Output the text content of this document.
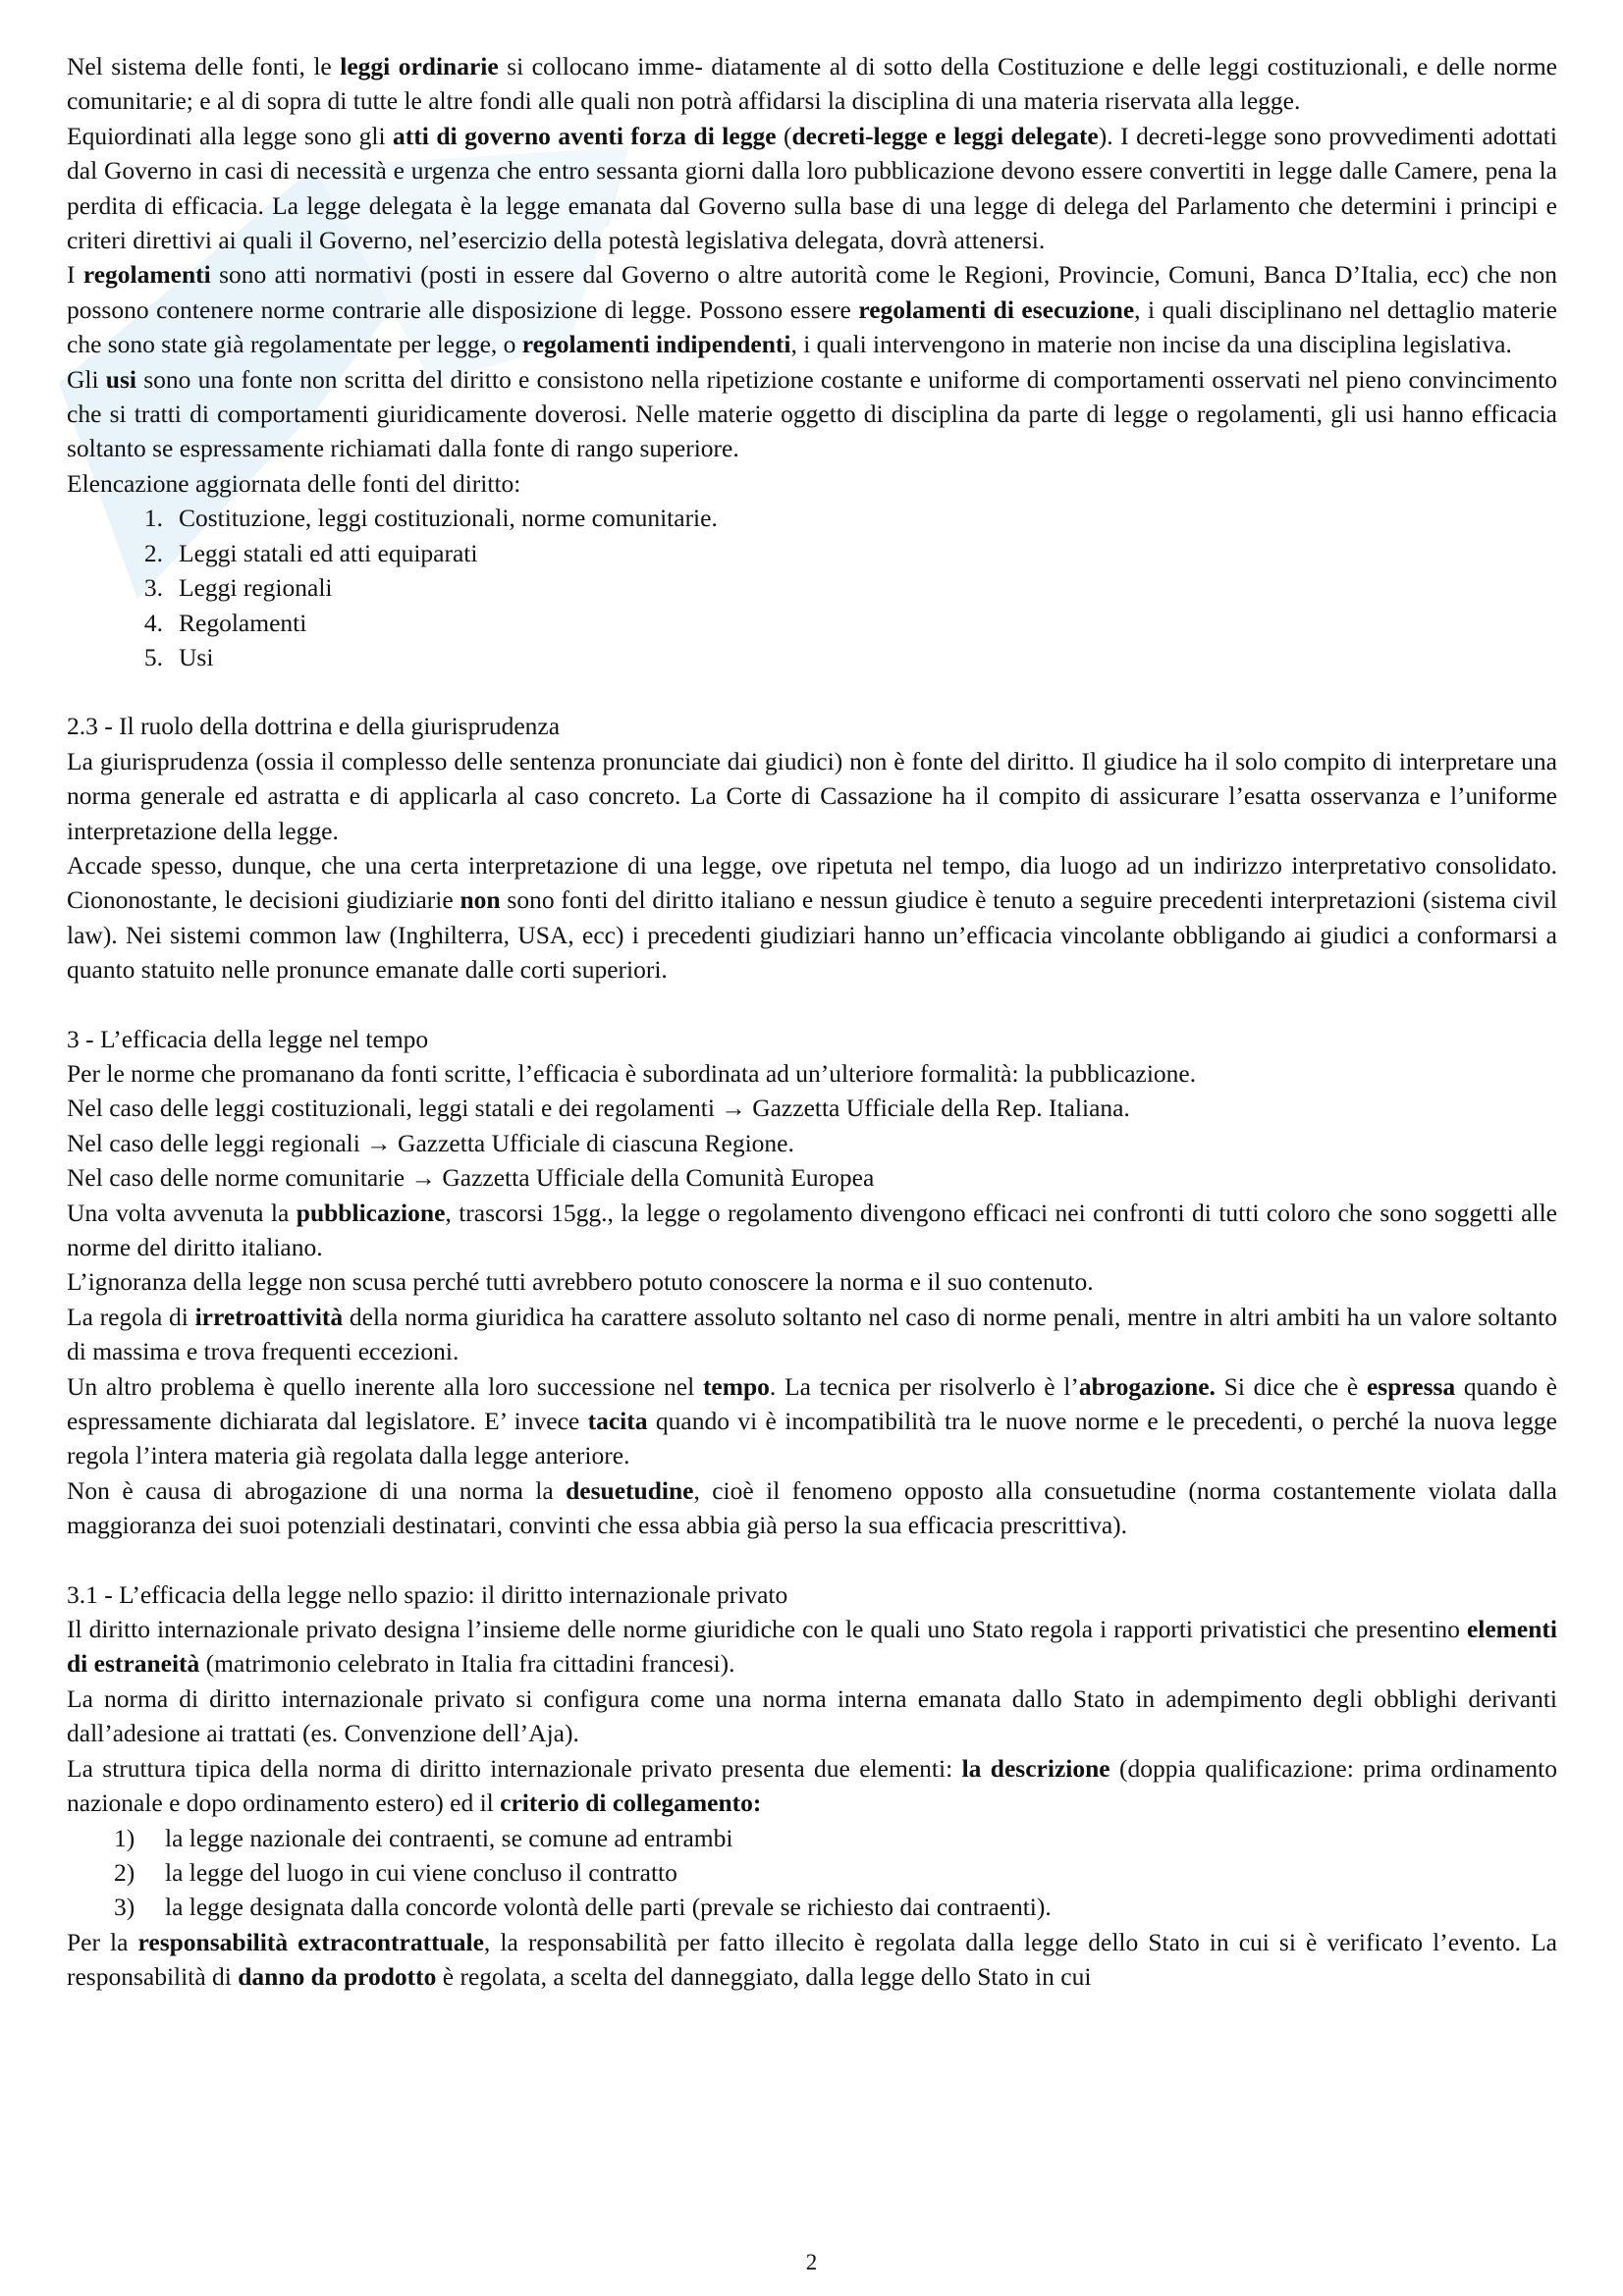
Nel sistema delle fonti, le leggi ordinarie si collocano imme- diatamente al di sotto della Costituzione e delle leggi costituzionali, e delle norme comunitarie; e al di sopra di tutte le altre fondi alle quali non potrà affidarsi la disciplina di una materia riservata alla legge.

Equiordinati alla legge sono gli atti di governo aventi forza di legge (decreti-legge e leggi delegate). I decreti-legge sono provvedimenti adottati dal Governo in casi di necessità e urgenza che entro sessanta giorni dalla loro pubblicazione devono essere convertiti in legge dalle Camere, pena la perdita di efficacia. La legge delegata è la legge emanata dal Governo sulla base di una legge di delega del Parlamento che determini i principi e criteri direttivi ai quali il Governo, nel’esercizio della potestà legislativa delegata, dovrà attenersi.

I regolamenti sono atti normativi (posti in essere dal Governo o altre autorità come le Regioni, Provincie, Comuni, Banca D’Italia, ecc) che non possono contenere norme contrarie alle disposizione di legge. Possono essere regolamenti di esecuzione, i quali disciplinano nel dettaglio materie che sono state già regolamentate per legge, o regolamenti indipendenti, i quali intervengono in materie non incise da una disciplina legislativa.

Gli usi sono una fonte non scritta del diritto e consistono nella ripetizione costante e uniforme di comportamenti osservati nel pieno convincimento che si tratti di comportamenti giuridicamente doverosi. Nelle materie oggetto di disciplina da parte di legge o regolamenti, gli usi hanno efficacia soltanto se espressamente richiamati dalla fonte di rango superiore.

Elencazione aggiornata delle fonti del diritto:

1. Costituzione, leggi costituzionali, norme comunitarie.
2. Leggi statali ed atti equiparati
3. Leggi regionali
4. Regolamenti
5. Usi
2.3 - Il ruolo della dottrina e della giurisprudenza

La giurisprudenza (ossia il complesso delle sentenza pronunciate dai giudici) non è fonte del diritto. Il giudice ha il solo compito di interpretare una norma generale ed astratta e di applicarla al caso concreto. La Corte di Cassazione ha il compito di assicurare l’esatta osservanza e l’uniforme interpretazione della legge.

Accade spesso, dunque, che una certa interpretazione di una legge, ove ripetuta nel tempo, dia luogo ad un indirizzo interpretativo consolidato. Ciononostante, le decisioni giudiziarie non sono fonti del diritto italiano e nessun giudice è tenuto a seguire precedenti interpretazioni (sistema civil law). Nei sistemi common law (Inghilterra, USA, ecc) i precedenti giudiziari hanno un’efficacia vincolante obbligando ai giudici a conformarsi a quanto statuito nelle pronunce emanate dalle corti superiori.

3 - L’efficacia della legge nel tempo

Per le norme che promanano da fonti scritte, l’efficacia è subordinata ad un’ulteriore formalità: la pubblicazione.

Nel caso delle leggi costituzionali, leggi statali e dei regolamenti → Gazzetta Ufficiale della Rep. Italiana.

Nel caso delle leggi regionali → Gazzetta Ufficiale di ciascuna Regione.

Nel caso delle norme comunitarie → Gazzetta Ufficiale della Comunità Europea

Una volta avvenuta la pubblicazione, trascorsi 15gg., la legge o regolamento divengono efficaci nei confronti di tutti coloro che sono soggetti alle norme del diritto italiano.

L’ignoranza della legge non scusa perché tutti avrebbero potuto conoscere la norma e il suo contenuto.

La regola di irretroattività della norma giuridica ha carattere assoluto soltanto nel caso di norme penali, mentre in altri ambiti ha un valore soltanto di massima e trova frequenti eccezioni.

Un altro problema è quello inerente alla loro successione nel tempo. La tecnica per risolverlo è l’abrogazione. Si dice che è espressa quando è espressamente dichiarata dal legislatore. E’ invece tacita quando vi è incompatibilità tra le nuove norme e le precedenti, o perché la nuova legge regola l’intera materia già regolata dalla legge anteriore.

Non è causa di abrogazione di una norma la desuetudine, cioè il fenomeno opposto alla consuetudine (norma costantemente violata dalla maggioranza dei suoi potenziali destinatari, convinti che essa abbia già perso la sua efficacia prescrittiva).

3.1 - L’efficacia della legge nello spazio: il diritto internazionale privato

Il diritto internazionale privato designa l’insieme delle norme giuridiche con le quali uno Stato regola i rapporti privatistici che presentino elementi di estraneità (matrimonio celebrato in Italia fra cittadini francesi).

La norma di diritto internazionale privato si configura come una norma interna emanata dallo Stato in adempimento degli obblighi derivanti dall’adesione ai trattati (es. Convenzione dell’Aja).

La struttura tipica della norma di diritto internazionale privato presenta due elementi: la descrizione (doppia qualificazione: prima ordinamento nazionale e dopo ordinamento estero) ed il criterio di collegamento:

1)	la legge nazionale dei contraenti, se comune ad entrambi
2)	la legge del luogo in cui viene concluso il contratto
3)	la legge designata dalla concorde volontà delle parti (prevale se richiesto dai contraenti).

Per la responsabilità extracontrattuale, la responsabilità per fatto illecito è regolata dalla legge dello Stato in cui si è verificato l’evento. La responsabilità di danno da prodotto è regolata, a scelta del danneggiato, dalla legge dello Stato in cui

2
